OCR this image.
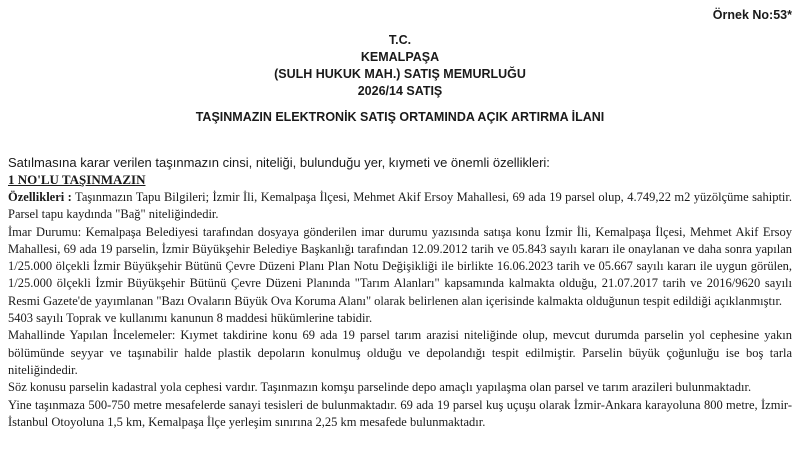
Örnek No:53*
T.C.
KEMALPAŞA
(SULH HUKUK MAH.) SATIŞ MEMURLUĞU
2026/14 SATIŞ
TAŞINMAZIN ELEKTRONİK SATIŞ ORTAMINDA AÇIK ARTIRMA İLANI
Satılmasına karar verilen taşınmazın cinsi, niteliği, bulunduğu yer, kıymeti ve önemli özellikleri:
1 NO'LU TAŞINMAZIN

Özellikleri : Taşınmazın Tapu Bilgileri; İzmir İli, Kemalpaşa İlçesi, Mehmet Akif Ersoy Mahallesi, 69 ada 19 parsel olup, 4.749,22 m2 yüzölçüme sahiptir. Parsel tapu kaydında "Bağ" niteliğindedir.

İmar Durumu: Kemalpaşa Belediyesi tarafından dosyaya gönderilen imar durumu yazısında satışa konu İzmir İli, Kemalpaşa İlçesi, Mehmet Akif Ersoy Mahallesi, 69 ada 19 parselin, İzmir Büyükşehir Belediye Başkanlığı tarafından 12.09.2012 tarih ve 05.843 sayılı kararı ile onaylanan ve daha sonra yapılan 1/25.000 ölçekli İzmir Büyükşehir Bütünü Çevre Düzeni Planı Plan Notu Değişikliği ile birlikte 16.06.2023 tarih ve 05.667 sayılı kararı ile uygun görülen, 1/25.000 ölçekli İzmir Büyükşehir Bütünü Çevre Düzeni Planında "Tarım Alanları" kapsamında kalmakta olduğu, 21.07.2017 tarih ve 2016/9620 sayılı Resmi Gazete'de yayımlanan "Bazı Ovaların Büyük Ova Koruma Alanı" olarak belirlenen alan içerisinde kalmakta olduğunun tespit edildiği açıklanmıştır.

5403 sayılı Toprak ve kullanımı kanunun 8 maddesi hükümlerine tabidir.

Mahallinde Yapılan İncelemeler: Kıymet takdirine konu 69 ada 19 parsel tarım arazisi niteliğinde olup, mevcut durumda parselin yol cephesine yakın bölümünde seyyar ve taşınabilir halde plastik depoların konulmuş olduğu ve depolandığı tespit edilmiştir. Parselin büyük çoğunluğu ise boş tarla niteliğindedir.

Söz konusu parselin kadastral yola cephesi vardır. Taşınmazın komşu parselinde depo amaçlı yapılaşma olan parsel ve tarım arazileri bulunmaktadır.

Yine taşınmaza 500-750 metre mesafelerde sanayi tesisleri de bulunmaktadır. 69 ada 19 parsel kuş uçuşu olarak İzmir-Ankara karayoluna 800 metre, İzmir-İstanbul Otoyoluna 1,5 km, Kemalpaşa İlçe yerleşim sınırına 2,25 km mesafede bulunmaktadır.
